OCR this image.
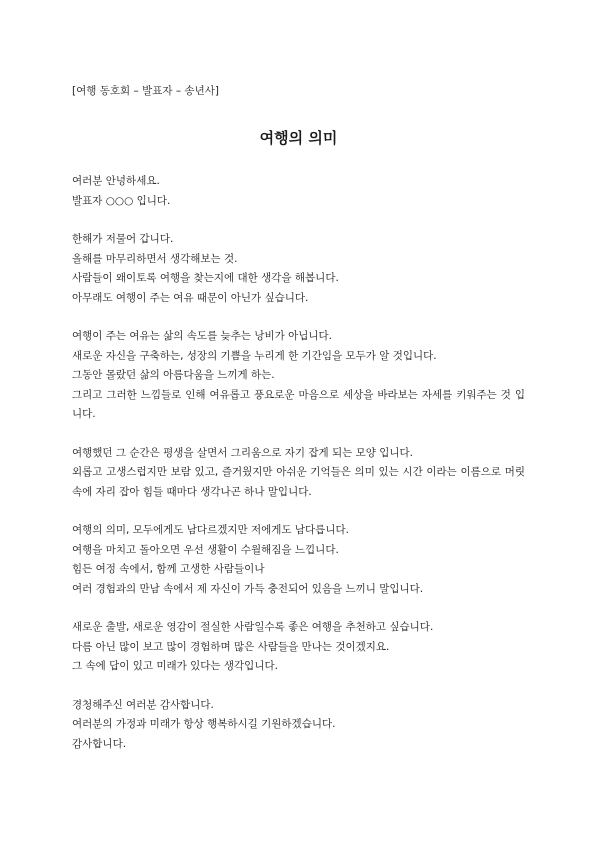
[여행 동호회 – 발표자 – 송년사]

여행의 의미

여러분 안녕하세요.

발표자 ○○○ 입니다.

한해가 저물어 갑니다.

올해를 마무리하면서 생각해보는 것.

사람들이 왜이토록 여행을 찾는지에 대한 생각을 해봅니다.

아무래도 여행이 주는 여유 때문이 아닌가 싶습니다.

여행이 주는 여유는 삶의 속도를 늦추는 낭비가 아닙니다.

새로운 자신을 구축하는, 성장의 기쁨을 누리게 한 기간임을 모두가 알 것입니다.

그동안 몰랐던 삶의 아름다움을 느끼게 하는.

그리고 그러한 느낌들로 인해 여유롭고 풍요로운 마음으로 세상을 바라보는 자세를 키워주는 것 입니다.

여행했던 그 순간은 평생을 살면서 그리움으로 자기 잡게 되는 모양 입니다.

외롭고 고생스럽지만 보람 있고, 즐거웠지만 아쉬운 기억들은 의미 있는 시간 이라는 이름으로 머릿속에 자리 잡아 힘들 때마다 생각나곤 하나 말입니다.

여행의 의미, 모두에게도 남다르겠지만 저에게도 남다릅니다.

여행을 마치고 돌아오면 우선 생활이 수월해짐을 느낍니다.

힘든 여정 속에서, 함께 고생한 사람들이나

여러 경험과의 만남 속에서 제 자신이 가득 충전되어 있음을 느끼니 말입니다.

새로운 출발, 새로운 영감이 절실한 사람일수록 좋은 여행을 추천하고 싶습니다.

다름 아닌 많이 보고 많이 경험하며 많은 사람들을 만나는 것이겠지요.

그 속에 답이 있고 미래가 있다는 생각입니다.

경청해주신 여러분 감사합니다.

여러분의 가정과 미래가 항상 행복하시길 기원하겠습니다.

감사합니다.
